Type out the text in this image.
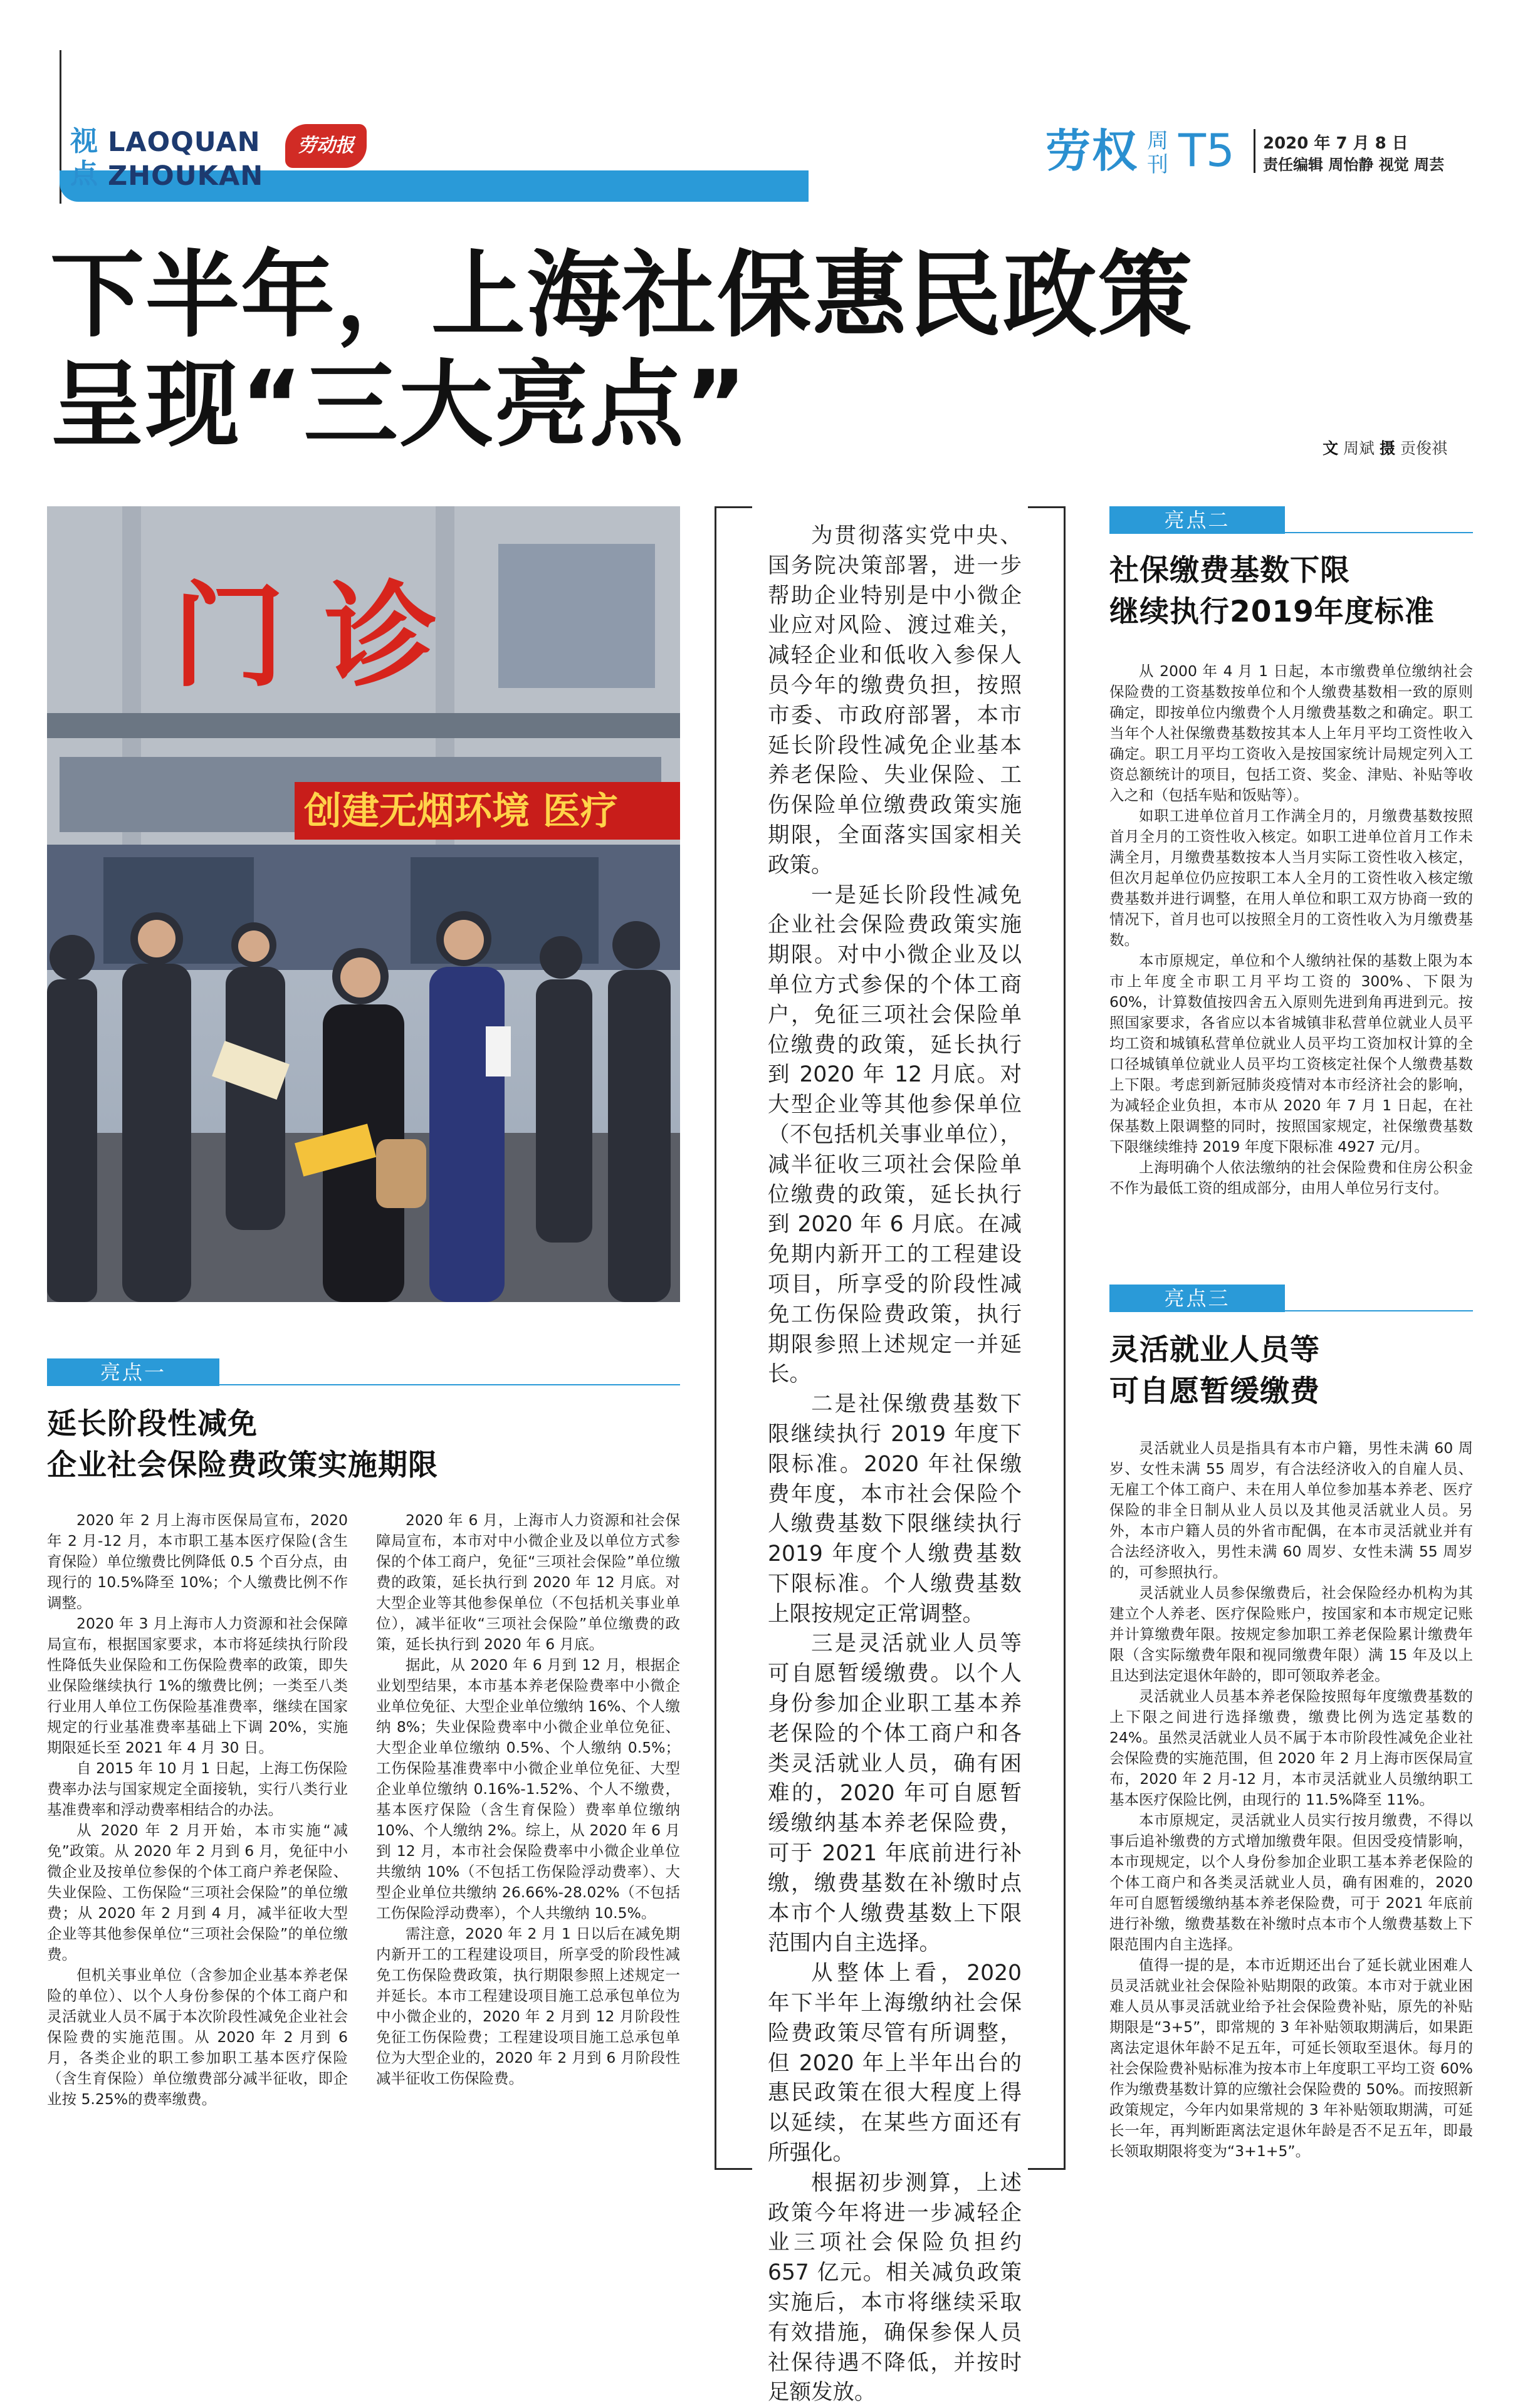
视
点
LAOQUAN
ZHOUKAN
劳动报	劳权 周
刊 T5 2020 年 7 月 8 日
责任编辑 周怡静 视觉 周芸
下半年，上海社保惠民政策
呈现“三大亮点”	文 周斌 摄 贡俊祺
门 诊
创建无烟环境 医疗

为贯彻落实党中央、国务院决策部署，进一步帮助企业特别是中小微企业应对风险、渡过难关，减轻企业和低收入参保人员今年的缴费负担，按照市委、市政府部署，本市延长阶段性减免企业基本养老保险、失业保险、工伤保险单位缴费政策实施期限，全面落实国家相关政策。

一是延长阶段性减免企业社会保险费政策实施期限。对中小微企业及以单位方式参保的个体工商户，免征三项社会保险单位缴费的政策，延长执行到 2020 年 12 月底。对大型企业等其他参保单位（不包括机关事业单位），减半征收三项社会保险单位缴费的政策，延长执行到 2020 年 6 月底。在减免期内新开工的工程建设项目，所享受的阶段性减免工伤保险费政策，执行期限参照上述规定一并延长。

二是社保缴费基数下限继续执行 2019 年度下限标准。2020 年社保缴费年度，本市社会保险个人缴费基数下限继续执行 2019 年度个人缴费基数下限标准。个人缴费基数上限按规定正常调整。

三是灵活就业人员等可自愿暂缓缴费。以个人身份参加企业职工基本养老保险的个体工商户和各类灵活就业人员，确有困难的，2020 年可自愿暂缓缴纳基本养老保险费，可于 2021 年底前进行补缴，缴费基数在补缴时点本市个人缴费基数上下限范围内自主选择。

从整体上看，2020 年下半年上海缴纳社会保险费政策尽管有所调整，但 2020 年上半年出台的惠民政策在很大程度上得以延续，在某些方面还有所强化。

根据初步测算，上述政策今年将进一步减轻企业三项社会保险负担约 657 亿元。相关减负政策实施后，本市将继续采取有效措施，确保参保人员社保待遇不降低，并按时足额发放。

亮点一
延长阶段性减免
企业社会保险费政策实施期限

2020 年 2 月上海市医保局宣布，2020 年 2 月-12 月，本市职工基本医疗保险(含生育保险）单位缴费比例降低 0.5 个百分点，由现行的 10.5%降至 10%；个人缴费比例不作调整。

2020 年 3 月上海市人力资源和社会保障局宣布，根据国家要求，本市将延续执行阶段性降低失业保险和工伤保险费率的政策，即失业保险继续执行 1%的缴费比例；一类至八类行业用人单位工伤保险基准费率，继续在国家规定的行业基准费率基础上下调 20%，实施期限延长至 2021 年 4 月 30 日。

自 2015 年 10 月 1 日起，上海工伤保险费率办法与国家规定全面接轨，实行八类行业基准费率和浮动费率相结合的办法。

从 2020 年 2 月开始，本市实施“减免”政策。从 2020 年 2 月到 6 月，免征中小微企业及按单位参保的个体工商户养老保险、失业保险、工伤保险“三项社会保险”的单位缴费；从 2020 年 2 月到 4 月，减半征收大型企业等其他参保单位“三项社会保险”的单位缴费。

但机关事业单位（含参加企业基本养老保险的单位）、以个人身份参保的个体工商户和灵活就业人员不属于本次阶段性减免企业社会保险费的实施范围。从 2020 年 2 月到 6 月，各类企业的职工参加职工基本医疗保险（含生育保险）单位缴费部分减半征收，即企业按 5.25%的费率缴费。

2020 年 6 月，上海市人力资源和社会保障局宣布，本市对中小微企业及以单位方式参保的个体工商户，免征“三项社会保险”单位缴费的政策，延长执行到 2020 年 12 月底。对大型企业等其他参保单位（不包括机关事业单位），减半征收“三项社会保险”单位缴费的政策，延长执行到 2020 年 6 月底。

据此，从 2020 年 6 月到 12 月，根据企业划型结果，本市基本养老保险费率中小微企业单位免征、大型企业单位缴纳 16%、个人缴纳 8%；失业保险费率中小微企业单位免征、大型企业单位缴纳 0.5%、个人缴纳 0.5%；工伤保险基准费率中小微企业单位免征、大型企业单位缴纳 0.16%-1.52%、个人不缴费，基本医疗保险（含生育保险）费率单位缴纳 10%、个人缴纳 2%。综上，从 2020 年 6 月到 12 月，本市社会保险费率中小微企业单位共缴纳 10%（不包括工伤保险浮动费率）、大型企业单位共缴纳 26.66%-28.02%（不包括工伤保险浮动费率），个人共缴纳 10.5%。

需注意，2020 年 2 月 1 日以后在减免期内新开工的工程建设项目，所享受的阶段性减免工伤保险费政策，执行期限参照上述规定一并延长。本市工程建设项目施工总承包单位为中小微企业的，2020 年 2 月到 12 月阶段性免征工伤保险费；工程建设项目施工总承包单位为大型企业的，2020 年 2 月到 6 月阶段性减半征收工伤保险费。

亮点二
社保缴费基数下限
继续执行2019年度标准

从 2000 年 4 月 1 日起，本市缴费单位缴纳社会保险费的工资基数按单位和个人缴费基数相一致的原则确定，即按单位内缴费个人月缴费基数之和确定。职工当年个人社保缴费基数按其本人上年月平均工资性收入确定。职工月平均工资收入是按国家统计局规定列入工资总额统计的项目，包括工资、奖金、津贴、补贴等收入之和（包括车贴和饭贴等）。

如职工进单位首月工作满全月的，月缴费基数按照首月全月的工资性收入核定。如职工进单位首月工作未满全月，月缴费基数按本人当月实际工资性收入核定，但次月起单位仍应按职工本人全月的工资性收入核定缴费基数并进行调整，在用人单位和职工双方协商一致的情况下，首月也可以按照全月的工资性收入为月缴费基数。

本市原规定，单位和个人缴纳社保的基数上限为本市上年度全市职工月平均工资的 300%、下限为 60%，计算数值按四舍五入原则先进到角再进到元。按照国家要求，各省应以本省城镇非私营单位就业人员平均工资和城镇私营单位就业人员平均工资加权计算的全口径城镇单位就业人员平均工资核定社保个人缴费基数上下限。考虑到新冠肺炎疫情对本市经济社会的影响，为减轻企业负担，本市从 2020 年 7 月 1 日起，在社保基数上限调整的同时，按照国家规定，社保缴费基数下限继续维持 2019 年度下限标准 4927 元/月。

上海明确个人依法缴纳的社会保险费和住房公积金不作为最低工资的组成部分，由用人单位另行支付。

亮点三
灵活就业人员等
可自愿暂缓缴费

灵活就业人员是指具有本市户籍，男性未满 60 周岁、女性未满 55 周岁，有合法经济收入的自雇人员、无雇工个体工商户、未在用人单位参加基本养老、医疗保险的非全日制从业人员以及其他灵活就业人员。另外，本市户籍人员的外省市配偶，在本市灵活就业并有合法经济收入，男性未满 60 周岁、女性未满 55 周岁的，可参照执行。

灵活就业人员参保缴费后，社会保险经办机构为其建立个人养老、医疗保险账户，按国家和本市规定记账并计算缴费年限。按规定参加职工养老保险累计缴费年限（含实际缴费年限和视同缴费年限）满 15 年及以上且达到法定退休年龄的，即可领取养老金。

灵活就业人员基本养老保险按照每年度缴费基数的上下限之间进行选择缴费，缴费比例为选定基数的 24%。虽然灵活就业人员不属于本市阶段性减免企业社会保险费的实施范围，但 2020 年 2 月上海市医保局宣布，2020 年 2 月-12 月，本市灵活就业人员缴纳职工基本医疗保险比例，由现行的 11.5%降至 11%。

本市原规定，灵活就业人员实行按月缴费，不得以事后追补缴费的方式增加缴费年限。但因受疫情影响，本市现规定，以个人身份参加企业职工基本养老保险的个体工商户和各类灵活就业人员，确有困难的，2020 年可自愿暂缓缴纳基本养老保险费，可于 2021 年底前进行补缴，缴费基数在补缴时点本市个人缴费基数上下限范围内自主选择。

值得一提的是，本市近期还出台了延长就业困难人员灵活就业社会保险补贴期限的政策。本市对于就业困难人员从事灵活就业给予社会保险费补贴，原先的补贴期限是“3+5”，即常规的 3 年补贴领取期满后，如果距离法定退休年龄不足五年，可延长领取至退休。每月的社会保险费补贴标准为按本市上年度职工平均工资 60%作为缴费基数计算的应缴社会保险费的 50%。而按照新政策规定，今年内如果常规的 3 年补贴领取期满，可延长一年，再判断距离法定退休年龄是否不足五年，即最长领取期限将变为“3+1+5”。
